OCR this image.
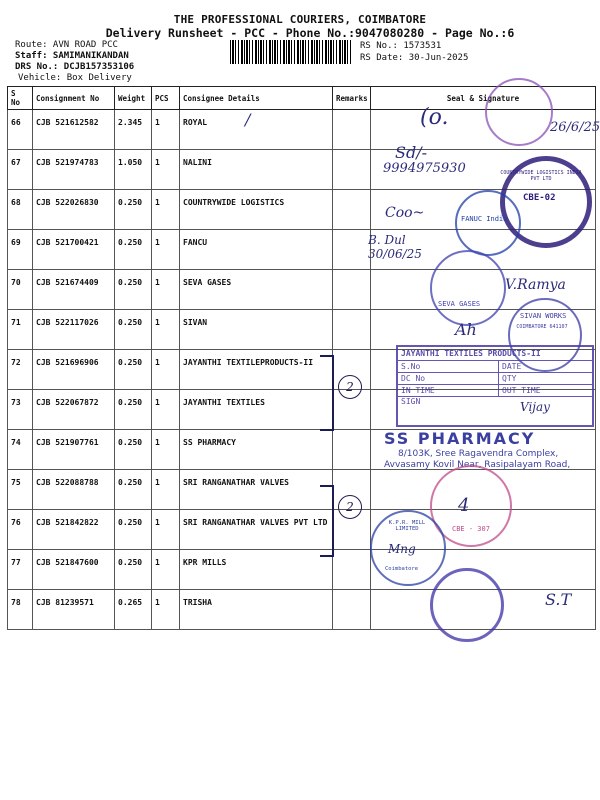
THE PROFESSIONAL COURIERS, COIMBATORE
Delivery Runsheet - PCC - Phone No.:9047080280 - Page No.:6
Route: AVN ROAD PCC
Staff: SAMIMANIKANDAN
DRS No.: DCJB157353106
Vehicle: Box Delivery
RS No.: 1573531
RS Date: 30-Jun-2025
S No	Consignment No	Weight	PCS	Consignee Details	Remarks	Seal & Signature
66	CJB 521612582	2.345	1	ROYAL		
67	CJB 521974783	1.050	1	NALINI		
68	CJB 522026830	0.250	1	COUNTRYWIDE LOGISTICS		
69	CJB 521700421	0.250	1	FANCU		
70	CJB 521674409	0.250	1	SEVA GASES		
71	CJB 522117026	0.250	1	SIVAN		
72	CJB 521696906	0.250	1	JAYANTHI TEXTILEPRODUCTS-II		
73	CJB 522067872	0.250	1	JAYANTHI TEXTILES		
74	CJB 521907761	0.250	1	SS PHARMACY		
75	CJB 522088788	0.250	1	SRI RANGANATHAR VALVES		
76	CJB 521842822	0.250	1	SRI RANGANATHAR VALVES PVT LTD		
77	CJB 521847600	0.250	1	KPR MILLS		
78	CJB 81239571	0.265	1	TRISHA		
(o.	26/6/25
/
Sd/-
9994975930
CBE-02
COUNTRYWIDE LOGISTICS INDIA PVT LTD
FANUC India
Coo~
B. Dul 30/06/25
SEVA GASES
V.Ramya
SIVAN WORKS
COIMBATORE 641107
Ah
JAYANTHI TEXTILES PRODUCTS-II
S.No	DATE
DC No	QTY
IN TIME	OUT TIME
SIGN
2
Vijay
SS PHARMACY
8/103K, Sree Ragavendra Complex,
Avvasamy Kovil Near, Rasipalayam Road,
2
CBE - 307
4
K.P.R. MILL LIMITED
Coimbatore
Mng
S.T
